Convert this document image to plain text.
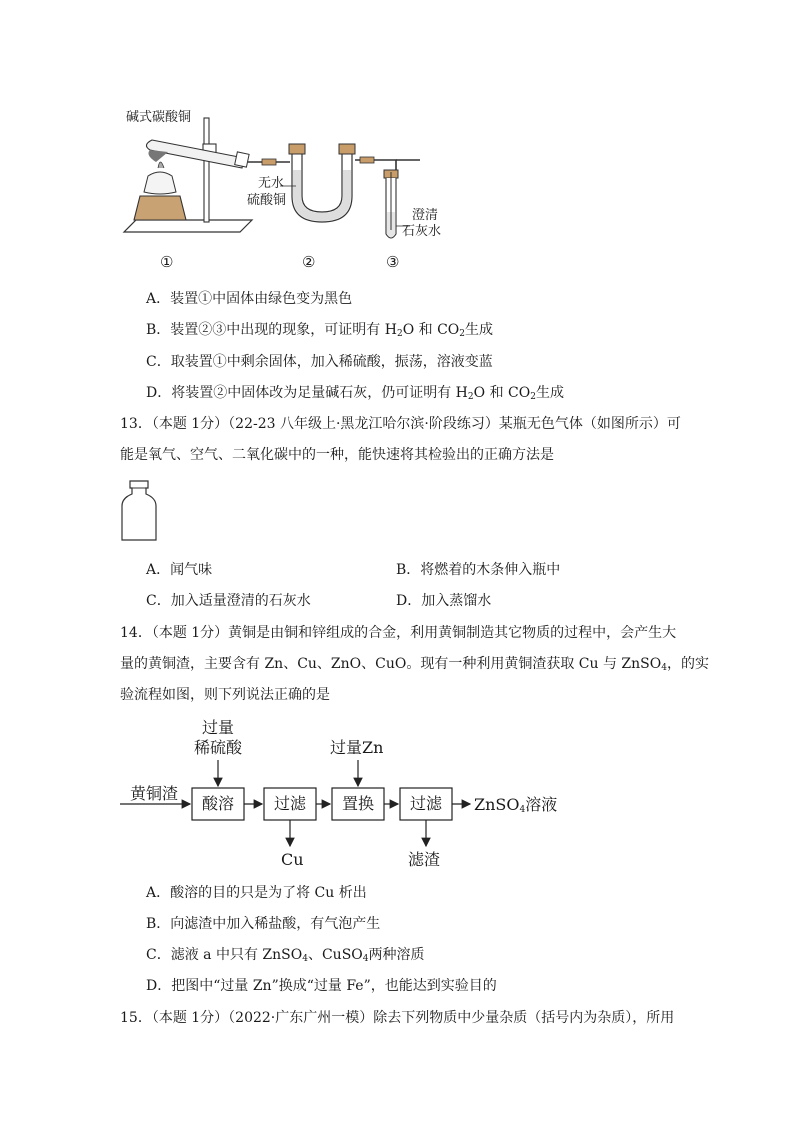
碱式碳酸铜
无水
硫酸铜
澄清
石灰水
①	②	③
A．装置①中固体由绿色变为黑色
B．装置②③中出现的现象，可证明有 $H_2O$ 和 $CO_2$生成
C．取装置①中剩余固体，加入稀硫酸，振荡，溶液变蓝
D．将装置②中固体改为足量碱石灰，仍可证明有 $H_2O$ 和 $CO_2$生成
13．（本题 1分）（22-23 八年级上·黑龙江哈尔滨·阶段练习）某瓶无色气体（如图所示）可
能是氧气、空气、二氧化碳中的一种，能快速将其检验出的正确方法是
A．闻气味	B．将燃着的木条伸入瓶中
C．加入适量澄清的石灰水	D．加入蒸馏水
14．（本题 1分）黄铜是由铜和锌组成的合金，利用黄铜制造其它物质的过程中，会产生大
量的黄铜渣，主要含有 Zn、Cu、ZnO、CuO。现有一种利用黄铜渣获取 Cu 与 ZnSO$_4$，的实
验流程如图，则下列说法正确的是
黄铜渣
过量
稀硫酸
酸溶 过滤
Cu
过量Zn
置换 过滤
滤渣
ZnSO$_4$溶液
A．酸溶的目的只是为了将 Cu 析出
B．向滤渣中加入稀盐酸，有气泡产生
C．滤液 a 中只有 ZnSO$_4$、CuSO$_4$两种溶质
D．把图中“过量 Zn”换成“过量 Fe”，也能达到实验目的
15．（本题 1分）（2022·广东广州一模）除去下列物质中少量杂质（括号内为杂质），所用
